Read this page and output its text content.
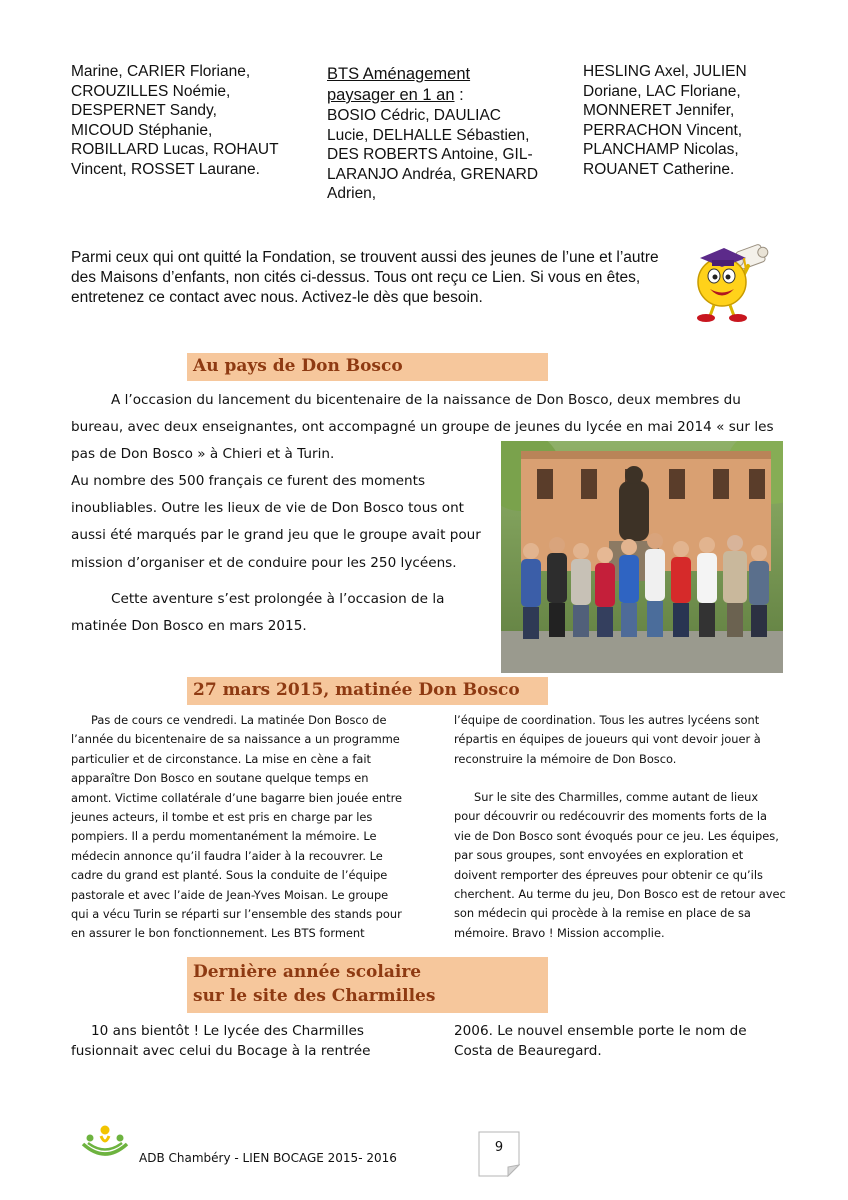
Marine, CARIER Floriane, CROUZILLES Noémie, DESPERNET Sandy, MICOUD Stéphanie, ROBILLARD Lucas, ROHAUT Vincent, ROSSET Laurane.
BTS Aménagement
paysager en 1 an :
BOSIO Cédric, DAULIAC Lucie, DELHALLE Sébastien, DES ROBERTS Antoine, GIL-LARANJO Andréa, GRENARD Adrien,
HESLING Axel, JULIEN Doriane, LAC Floriane, MONNERET Jennifer, PERRACHON Vincent, PLANCHAMP Nicolas, ROUANET Catherine.
Parmi ceux qui ont quitté la Fondation, se trouvent aussi des jeunes de l’une et l’autre des Maisons d’enfants, non cités ci-dessus. Tous ont reçu ce Lien. Si vous en êtes, entretenez ce contact avec nous. Activez-le dès que besoin.
Au pays de Don Bosco
A l’occasion du lancement du bicentenaire de la naissance de Don Bosco, deux membres du bureau, avec deux enseignantes, ont accompagné un groupe de jeunes du lycée en mai 2014 « sur les pas de Don Bosco » à Chieri et à Turin.
Au nombre des 500 français ce furent des moments inoubliables. Outre les lieux de vie de Don Bosco tous ont aussi été marqués par le grand jeu que le groupe avait pour mission d’organiser et de conduire pour les 250 lycéens.
Cette aventure s’est prolongée à l’occasion de la matinée Don Bosco en mars 2015.
27 mars 2015, matinée Don Bosco
Pas de cours ce vendredi. La matinée Don Bosco de l’année du bicentenaire de sa naissance a un programme particulier et de circonstance. La mise en cène a fait apparaître Don Bosco en soutane quelque temps en amont. Victime collatérale d’une bagarre bien jouée entre jeunes acteurs, il tombe et est pris en charge par les pompiers. Il a perdu momentanément la mémoire. Le médecin annonce qu’il faudra l’aider à la recouvrer. Le cadre du grand est planté. Sous la conduite de l’équipe pastorale et avec l’aide de Jean-Yves Moisan. Le groupe qui a vécu Turin se réparti sur l’ensemble des stands pour en assurer le bon fonctionnement. Les BTS forment
l’équipe de coordination. Tous les autres lycéens sont répartis en équipes de joueurs qui vont devoir jouer à reconstruire la mémoire de Don Bosco.
Sur le site des Charmilles, comme autant de lieux pour découvrir ou redécouvrir des moments forts de la vie de Don Bosco sont évoqués pour ce jeu. Les équipes, par sous groupes, sont envoyées en exploration et doivent remporter des épreuves pour obtenir ce qu’ils cherchent. Au terme du jeu, Don Bosco est de retour avec son médecin qui procède à la remise en place de sa mémoire. Bravo ! Mission accomplie.
Dernière année scolaire
sur le site des Charmilles
10 ans bientôt ! Le lycée des Charmilles fusionnait avec celui du Bocage à la rentrée
2006. Le nouvel ensemble porte le nom de Costa de Beauregard.
ADB Chambéry - LIEN BOCAGE 2015- 2016
9
